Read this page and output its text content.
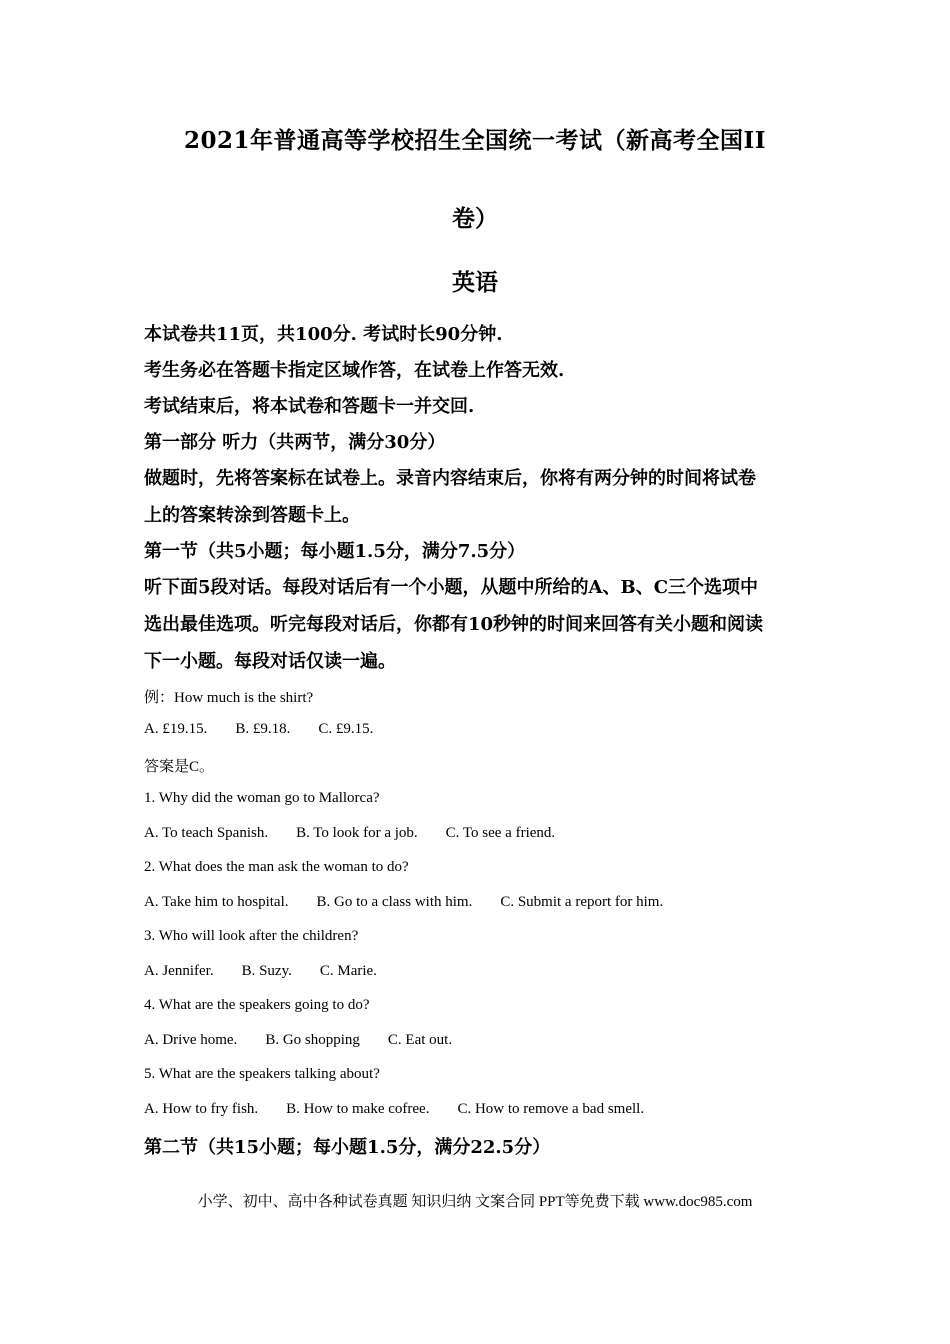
2021年普通高等学校招生全国统一考试（新高考全国II
卷）
英语
本试卷共11页，共100分. 考试时长90分钟.
考生务必在答题卡指定区域作答，在试卷上作答无效.
考试结束后，将本试卷和答题卡一并交回.
第一部分 听力（共两节，满分30分）
做题时，先将答案标在试卷上。录音内容结束后，你将有两分钟的时间将试卷
上的答案转涂到答题卡上。
第一节（共5小题；每小题1.5分，满分7.5分）
听下面5段对话。每段对话后有一个小题，从题中所给的A、B、C三个选项中
选出最佳选项。听完每段对话后，你都有10秒钟的时间来回答有关小题和阅读
下一小题。每段对话仅读一遍。
例：How much is the shirt?
A. £19.15. B. £9.18. C. £9.15.
答案是C。
1. Why did the woman go to Mallorca?
A. To teach Spanish. B. To look for a job. C. To see a friend.
2. What does the man ask the woman to do?
A. Take him to hospital. B. Go to a class with him. C. Submit a report for him.
3. Who will look after the children?
A. Jennifer. B. Suzy. C. Marie.
4. What are the speakers going to do?
A. Drive home. B. Go shopping C. Eat out.
5. What are the speakers talking about?
A. How to fry fish. B. How to make cofree. C. How to remove a bad smell.
第二节（共15小题；每小题1.5分，满分22.5分）
小学、初中、高中各种试卷真题 知识归纳 文案合同 PPT等免费下载 www.doc985.com
